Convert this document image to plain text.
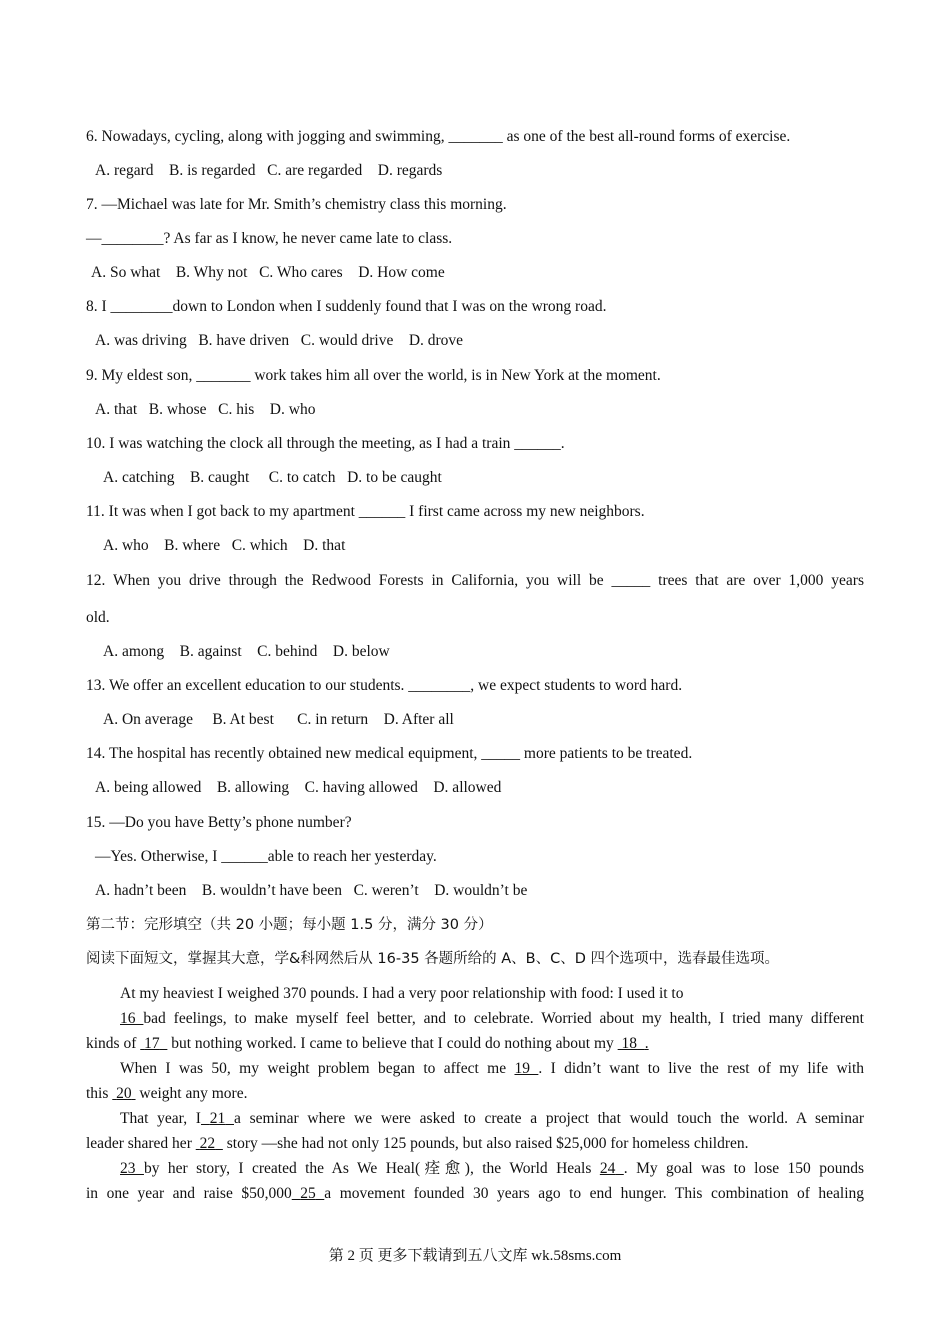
6. Nowadays, cycling, along with jogging and swimming, _______ as one of the best all-round forms of exercise.
A. regard    B. is regarded   C. are regarded    D. regards
7. —Michael was late for Mr. Smith’s chemistry class this morning.
—________? As far as I know, he never came late to class.
A. So what    B. Why not   C. Who cares    D. How come
8. I ________down to London when I suddenly found that I was on the wrong road.
A. was driving   B. have driven   C. would drive    D. drove
9. My eldest son, _______ work takes him all over the world, is in New York at the moment.
A. that   B. whose   C. his    D. who
10. I was watching the clock all through the meeting, as I had a train ______.
A. catching    B. caught     C. to catch   D. to be caught
11. It was when I got back to my apartment ______ I first came across my new neighbors.
A. who    B. where   C. which    D. that
12. When you drive through the Redwood Forests in California, you will be _____ trees that are over 1,000 years
old.
A. among    B. against    C. behind    D. below
13. We offer an excellent education to our students. ________, we expect students to word hard.
A. On average     B. At best      C. in return    D. After all
14. The hospital has recently obtained new medical equipment, _____ more patients to be treated.
A. being allowed    B. allowing    C. having allowed    D. allowed
15. —Do you have Betty’s phone number?
—Yes. Otherwise, I ______able to reach her yesterday.
A. hadn’t been    B. wouldn’t have been   C. weren’t    D. wouldn’t be
第二节：完形填空（共 20 小题；每小题 1.5 分，满分 30 分）
阅读下面短文，掌握其大意，学&科网然后从 16-35 各题所给的 A、B、C、D 四个选项中，选春最佳选项。
At my heaviest I weighed 370 pounds. I had a very poor relationship with food: I used it to
16 bad feelings, to make myself feel better, and to celebrate. Worried about my health, I tried many different
kinds of 17 but nothing worked. I came to believe that I could do nothing about my 18 .
When I was 50, my weight problem began to affect me 19 . I didn’t want to live the rest of my life with
this 20 weight any more.
That year, I 21 a seminar where we were asked to create a project that would touch the world. A seminar
leader shared her 22 story —she had not only 125 pounds, but also raised $25,000 for homeless children.
23 by her story, I created the As We Heal(痊愈), the World Heals 24 . My goal was to lose 150 pounds
in one year and raise $50,000 25 a movement founded 30 years ago to end hunger. This combination of healing
第 2 页 更多下载请到五八文库 wk.58sms.com
